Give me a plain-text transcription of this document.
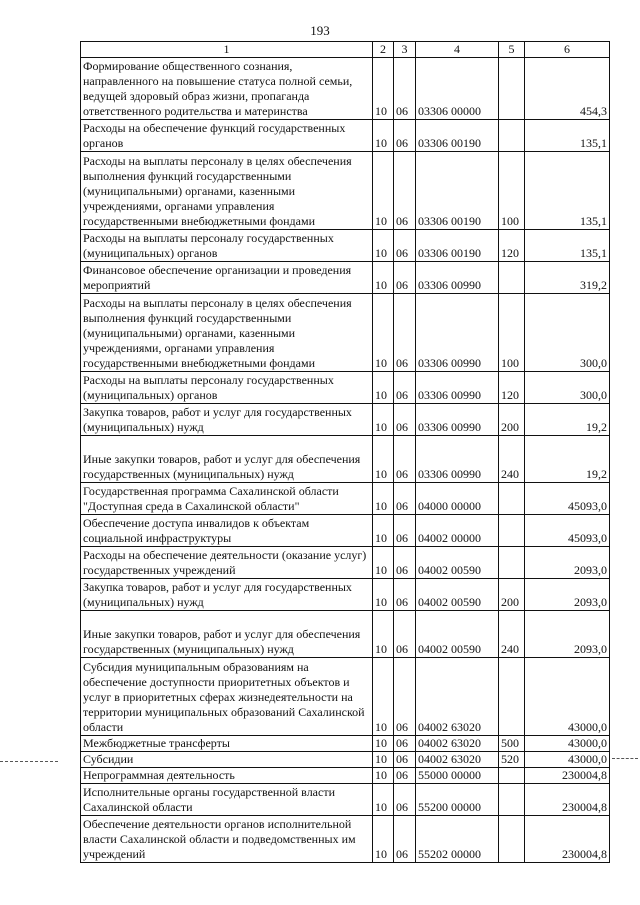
193
1	2	3	4	5	6
Формирование общественного сознания, направленного на повышение статуса полной семьи, ведущей здоровый образ жизни, пропаганда ответственного родительства и материнства	10	06	03306 00000		454,3
Расходы на обеспечение функций государственных органов	10	06	03306 00190		135,1
Расходы на выплаты персоналу в целях обеспечения выполнения функций государственными (муниципальными) органами, казенными учреждениями, органами управления государственными внебюджетными фондами	10	06	03306 00190	100	135,1
Расходы на выплаты персоналу государственных (муниципальных) органов	10	06	03306 00190	120	135,1
Финансовое обеспечение организации и проведения мероприятий	10	06	03306 00990		319,2
Расходы на выплаты персоналу в целях обеспечения выполнения функций государственными (муниципальными) органами, казенными учреждениями, органами управления государственными внебюджетными фондами	10	06	03306 00990	100	300,0
Расходы на выплаты персоналу государственных (муниципальных) органов	10	06	03306 00990	120	300,0
Закупка товаров, работ и услуг для государственных (муниципальных) нужд	10	06	03306 00990	200	19,2
Иные закупки товаров, работ и услуг для обеспечения государственных (муниципальных) нужд	10	06	03306 00990	240	19,2
Государственная программа Сахалинской области "Доступная среда в Сахалинской области"	10	06	04000 00000		45093,0
Обеспечение доступа инвалидов к объектам социальной инфраструктуры	10	06	04002 00000		45093,0
Расходы на обеспечение деятельности (оказание услуг) государственных учреждений	10	06	04002 00590		2093,0
Закупка товаров, работ и услуг для государственных (муниципальных) нужд	10	06	04002 00590	200	2093,0
Иные закупки товаров, работ и услуг для обеспечения государственных (муниципальных) нужд	10	06	04002 00590	240	2093,0
Субсидия муниципальным образованиям на обеспечение доступности приоритетных объектов и услуг в приоритетных сферах жизнедеятельности на территории муниципальных образований Сахалинской области	10	06	04002 63020		43000,0
Межбюджетные трансферты	10	06	04002 63020	500	43000,0
Субсидии	10	06	04002 63020	520	43000,0
Непрограммная деятельность	10	06	55000 00000		230004,8
Исполнительные органы государственной власти Сахалинской области	10	06	55200 00000		230004,8
Обеспечение деятельности органов исполнительной власти Сахалинской области и подведомственных им учреждений	10	06	55202 00000		230004,8
